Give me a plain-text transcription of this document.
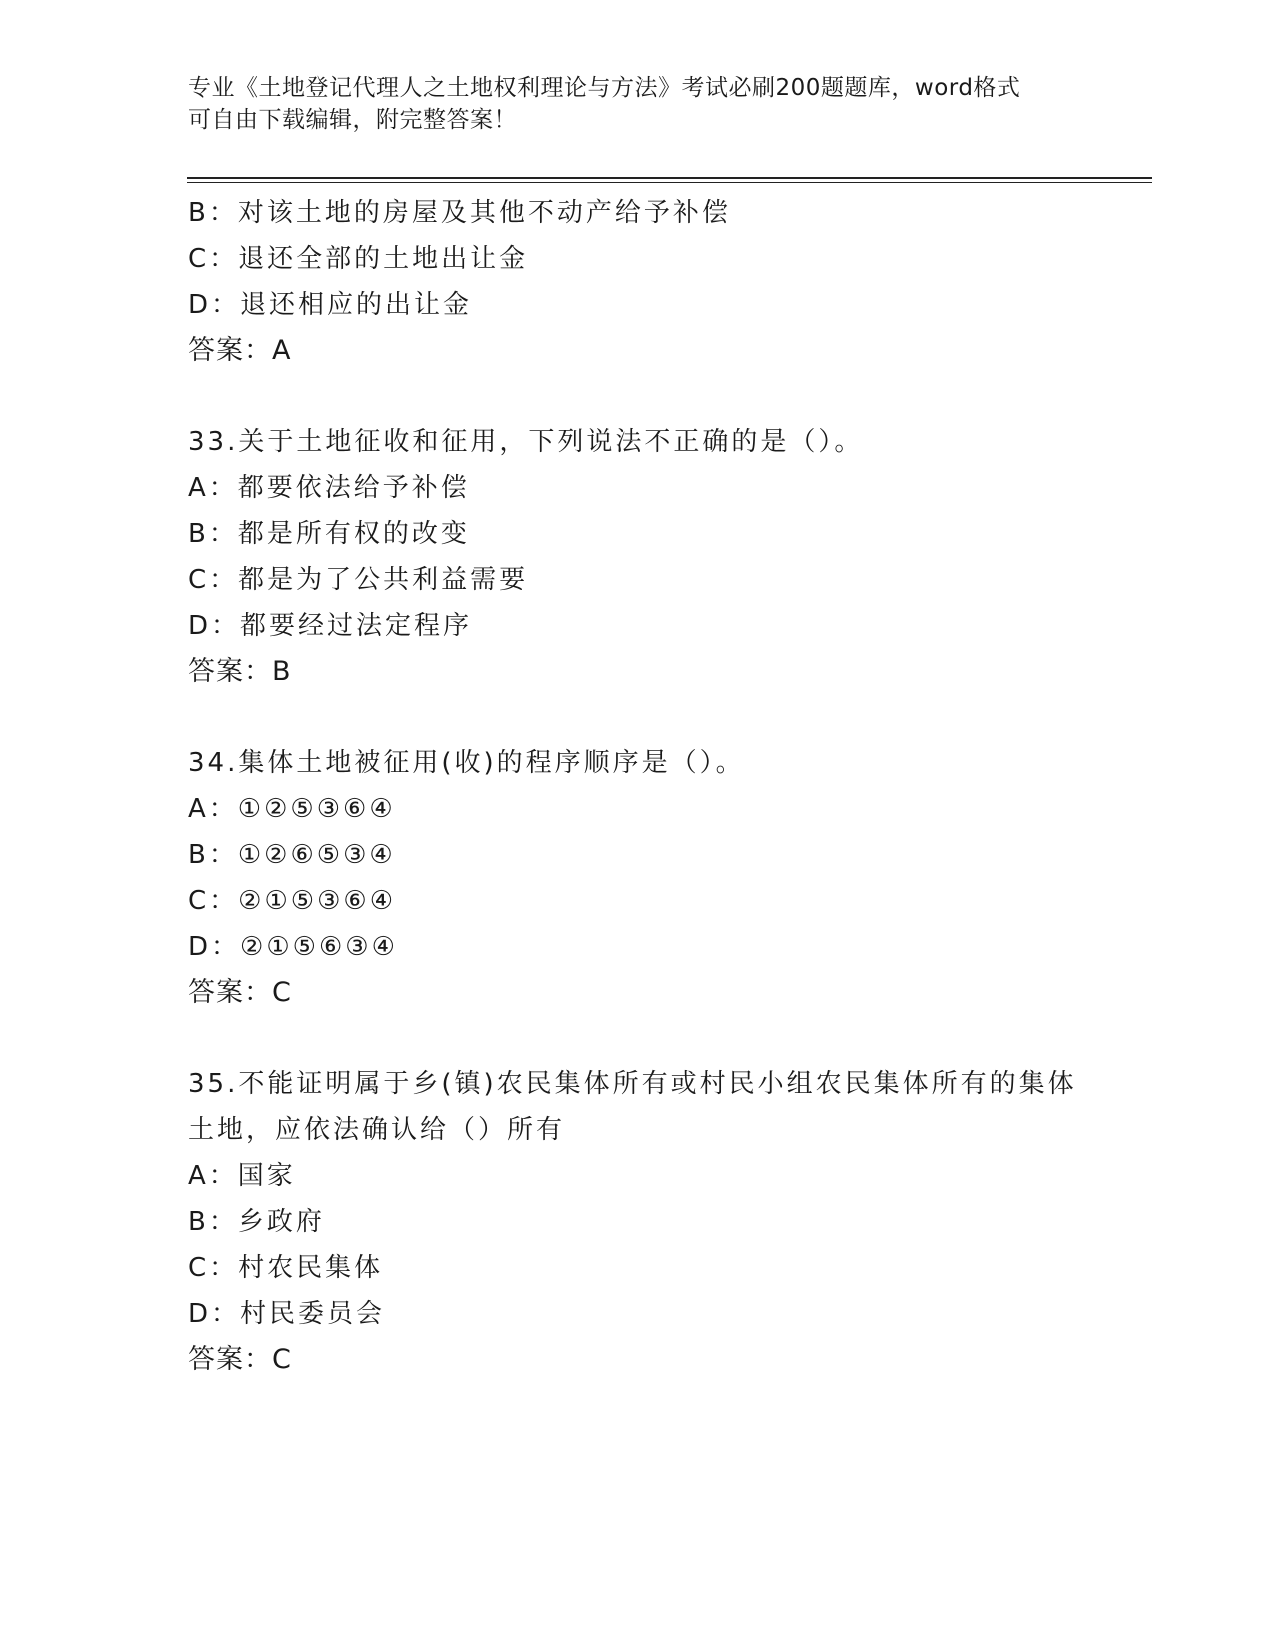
专业《土地登记代理人之土地权利理论与方法》考试必刷200题题库，word格式
可自由下载编辑，附完整答案！
B：对该土地的房屋及其他不动产给予补偿
C：退还全部的土地出让金
D：退还相应的出让金
答案：A
33.关于土地征收和征用，下列说法不正确的是（）。
A：都要依法给予补偿
B：都是所有权的改变
C：都是为了公共利益需要
D：都要经过法定程序
答案：B
34.集体土地被征用(收)的程序顺序是（）。
A：①②⑤③⑥④
B：①②⑥⑤③④
C：②①⑤③⑥④
D：②①⑤⑥③④
答案：C
35.不能证明属于乡(镇)农民集体所有或村民小组农民集体所有的集体
土地，应依法确认给（）所有
A：国家
B：乡政府
C：村农民集体
D：村民委员会
答案：C
